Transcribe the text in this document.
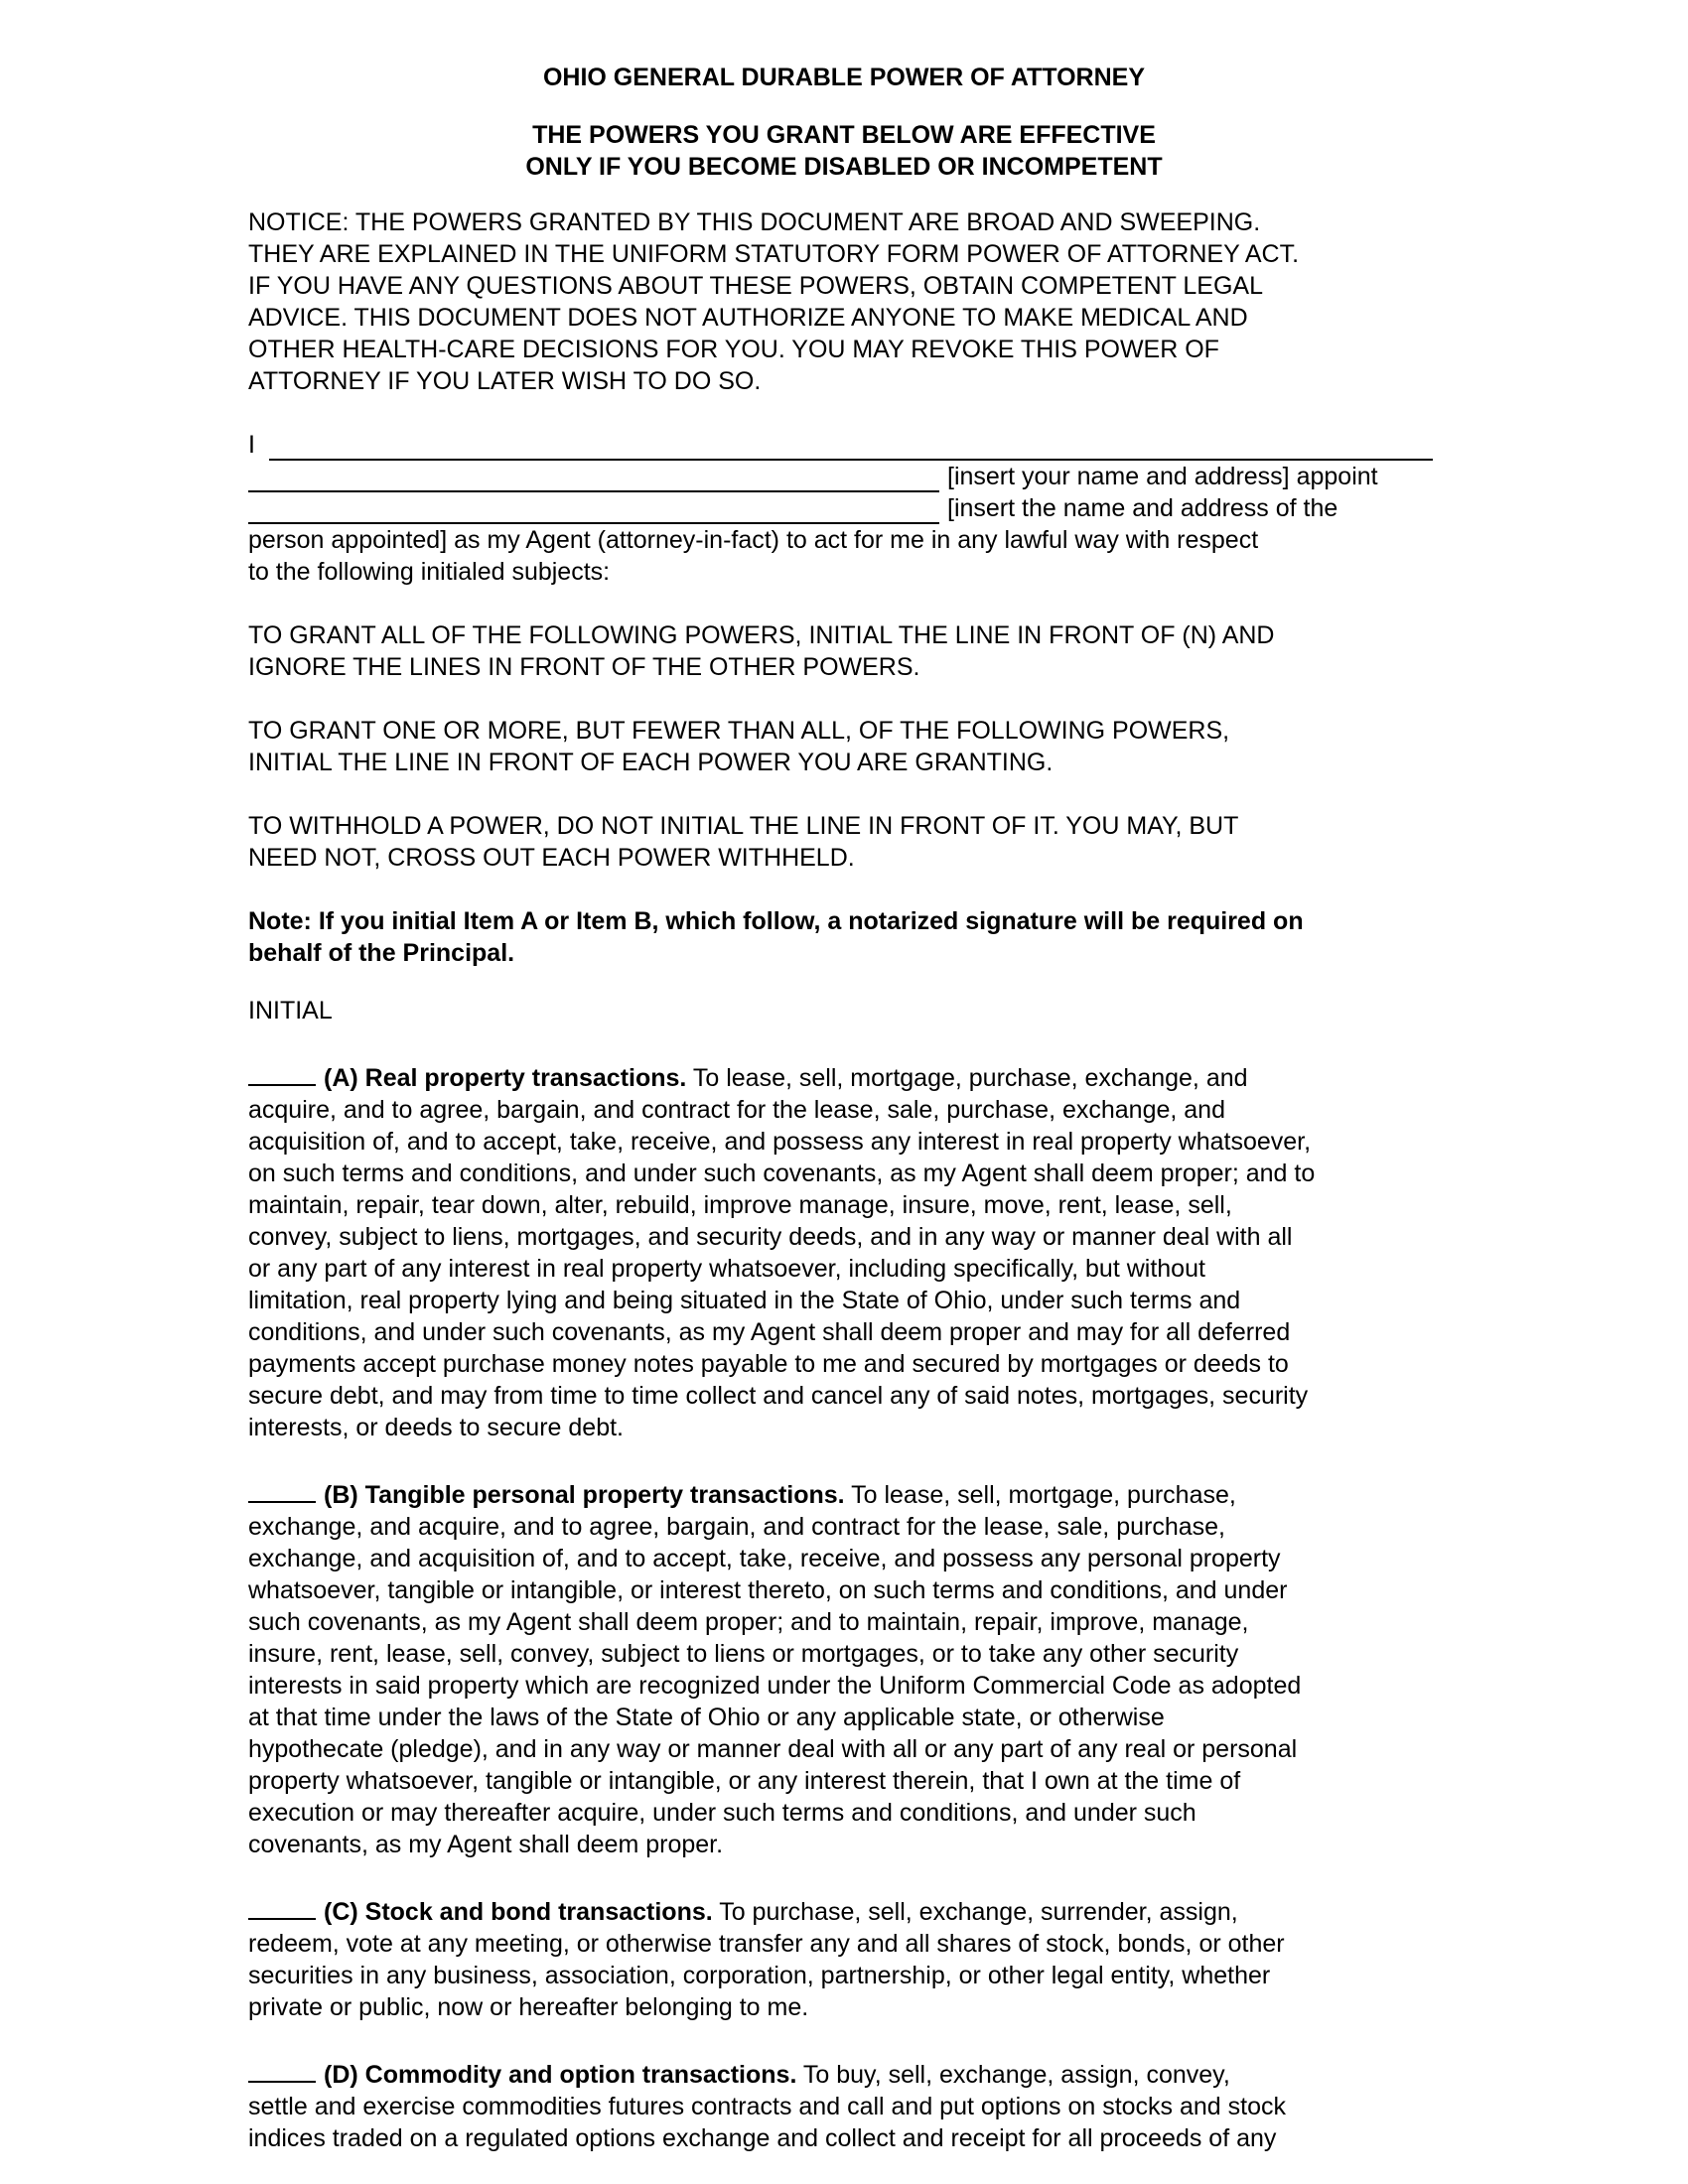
OHIO GENERAL DURABLE POWER OF ATTORNEY

THE POWERS YOU GRANT BELOW ARE EFFECTIVE
ONLY IF YOU BECOME DISABLED OR INCOMPETENT

NOTICE: THE POWERS GRANTED BY THIS DOCUMENT ARE BROAD AND SWEEPING.
THEY ARE EXPLAINED IN THE UNIFORM STATUTORY FORM POWER OF ATTORNEY ACT.
IF YOU HAVE ANY QUESTIONS ABOUT THESE POWERS, OBTAIN COMPETENT LEGAL
ADVICE. THIS DOCUMENT DOES NOT AUTHORIZE ANYONE TO MAKE MEDICAL AND
OTHER HEALTH-CARE DECISIONS FOR YOU. YOU MAY REVOKE THIS POWER OF
ATTORNEY IF YOU LATER WISH TO DO SO.

I
[insert your name and address] appoint
[insert the name and address of the

person appointed] as my Agent (attorney-in-fact) to act for me in any lawful way with respect
to the following initialed subjects:

TO GRANT ALL OF THE FOLLOWING POWERS, INITIAL THE LINE IN FRONT OF (N) AND
IGNORE THE LINES IN FRONT OF THE OTHER POWERS.

TO GRANT ONE OR MORE, BUT FEWER THAN ALL, OF THE FOLLOWING POWERS,
INITIAL THE LINE IN FRONT OF EACH POWER YOU ARE GRANTING.

TO WITHHOLD A POWER, DO NOT INITIAL THE LINE IN FRONT OF IT. YOU MAY, BUT
NEED NOT, CROSS OUT EACH POWER WITHHELD.

Note: If you initial Item A or Item B, which follow, a notarized signature will be required on
behalf of the Principal.

INITIAL

(A) Real property transactions. To lease, sell, mortgage, purchase, exchange, and
acquire, and to agree, bargain, and contract for the lease, sale, purchase, exchange, and
acquisition of, and to accept, take, receive, and possess any interest in real property whatsoever,
on such terms and conditions, and under such covenants, as my Agent shall deem proper; and to
maintain, repair, tear down, alter, rebuild, improve manage, insure, move, rent, lease, sell,
convey, subject to liens, mortgages, and security deeds, and in any way or manner deal with all
or any part of any interest in real property whatsoever, including specifically, but without
limitation, real property lying and being situated in the State of Ohio, under such terms and
conditions, and under such covenants, as my Agent shall deem proper and may for all deferred
payments accept purchase money notes payable to me and secured by mortgages or deeds to
secure debt, and may from time to time collect and cancel any of said notes, mortgages, security
interests, or deeds to secure debt.

(B) Tangible personal property transactions. To lease, sell, mortgage, purchase,
exchange, and acquire, and to agree, bargain, and contract for the lease, sale, purchase,
exchange, and acquisition of, and to accept, take, receive, and possess any personal property
whatsoever, tangible or intangible, or interest thereto, on such terms and conditions, and under
such covenants, as my Agent shall deem proper; and to maintain, repair, improve, manage,
insure, rent, lease, sell, convey, subject to liens or mortgages, or to take any other security
interests in said property which are recognized under the Uniform Commercial Code as adopted
at that time under the laws of the State of Ohio or any applicable state, or otherwise
hypothecate (pledge), and in any way or manner deal with all or any part of any real or personal
property whatsoever, tangible or intangible, or any interest therein, that I own at the time of
execution or may thereafter acquire, under such terms and conditions, and under such
covenants, as my Agent shall deem proper.

(C) Stock and bond transactions. To purchase, sell, exchange, surrender, assign,
redeem, vote at any meeting, or otherwise transfer any and all shares of stock, bonds, or other
securities in any business, association, corporation, partnership, or other legal entity, whether
private or public, now or hereafter belonging to me.

(D) Commodity and option transactions. To buy, sell, exchange, assign, convey,
settle and exercise commodities futures contracts and call and put options on stocks and stock
indices traded on a regulated options exchange and collect and receipt for all proceeds of any
